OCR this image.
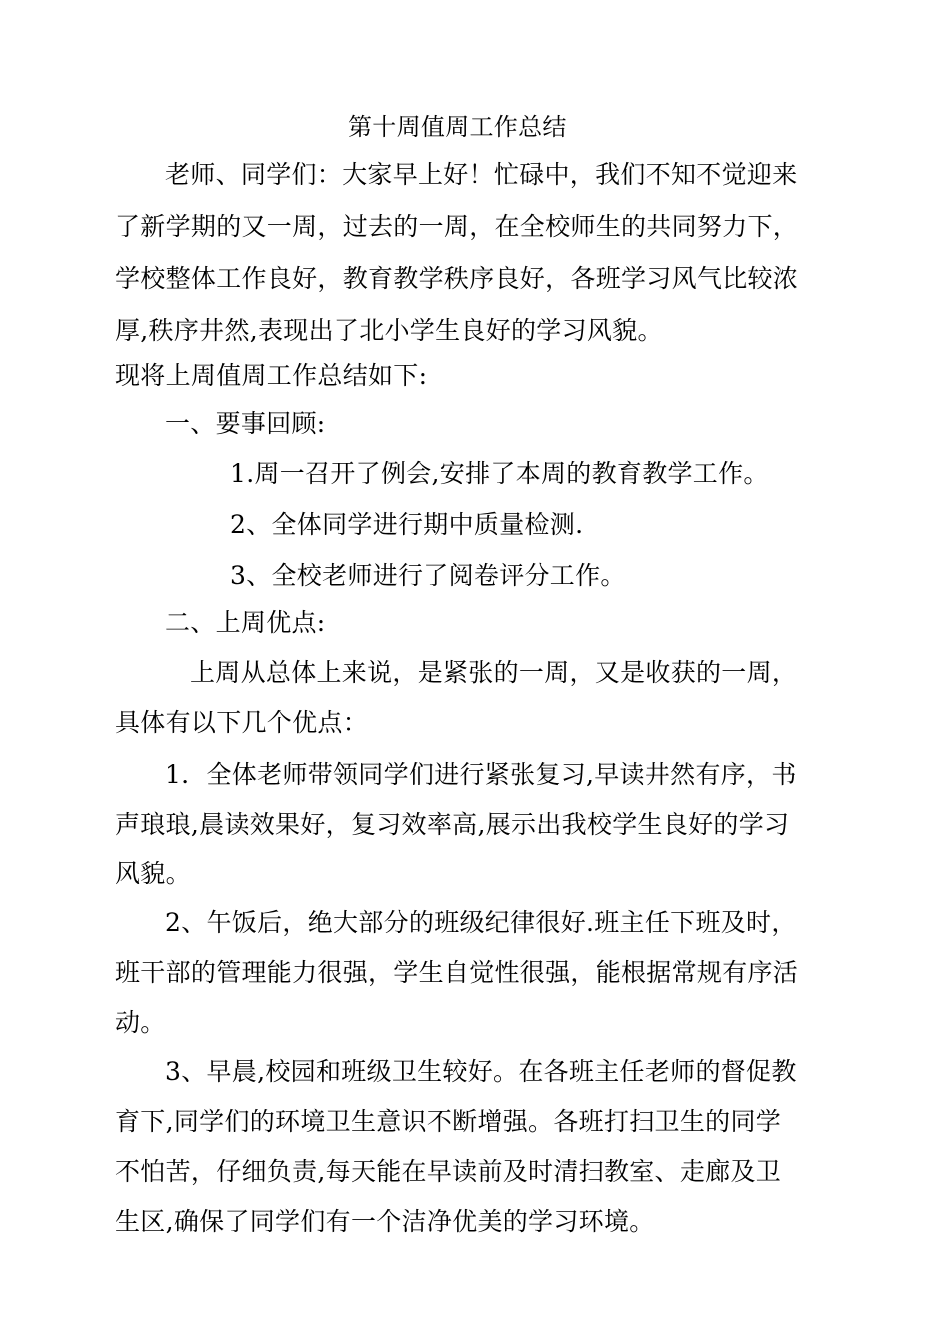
第十周值周工作总结
老师、同学们：大家早上好！忙碌中，我们不知不觉迎来
了新学期的又一周，过去的一周，在全校师生的共同努力下，
学校整体工作良好，教育教学秩序良好，各班学习风气比较浓
厚,秩序井然,表现出了北小学生良好的学习风貌。
现将上周值周工作总结如下:
一、要事回顾:
1.周一召开了例会,安排了本周的教育教学工作。
2、全体同学进行期中质量检测.
3、全校老师进行了阅卷评分工作。
二、上周优点:
上周从总体上来说，是紧张的一周，又是收获的一周，
具体有以下几个优点：
1．全体老师带领同学们进行紧张复习,早读井然有序，书
声琅琅,晨读效果好，复习效率高,展示出我校学生良好的学习
风貌。
2、午饭后，绝大部分的班级纪律很好.班主任下班及时，
班干部的管理能力很强，学生自觉性很强，能根据常规有序活
动。
3、早晨,校园和班级卫生较好。在各班主任老师的督促教
育下,同学们的环境卫生意识不断增强。各班打扫卫生的同学
不怕苦，仔细负责,每天能在早读前及时清扫教室、走廊及卫
生区,确保了同学们有一个洁净优美的学习环境。
